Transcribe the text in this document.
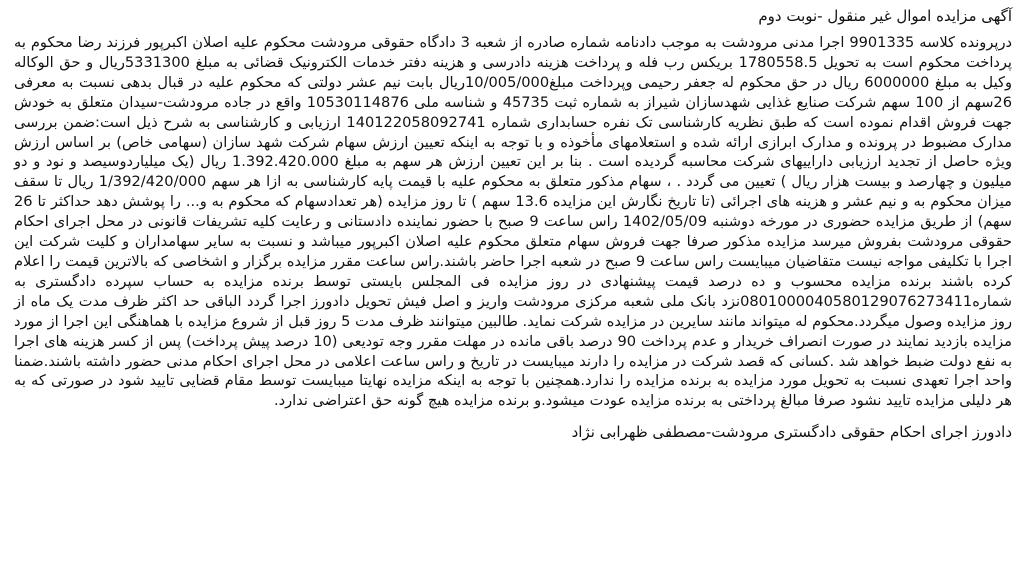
آگهی مزایده اموال غیر منقول -نوبت دوم

درپرونده کلاسه 9901335 اجرا مدنی مرودشت به موجب دادنامه شماره صادره از شعبه 3 دادگاه حقوقی مرودشت محکوم علیه اصلان اکبرپور فرزند رضا محکوم به پرداخت محکوم است به تحویل 1780558.5 بریکس رب فله و پرداخت هزینه دادرسی و هزینه دفتر خدمات الکترونیک قضائی به مبلغ 5331300ریال و حق الوکاله وکیل به مبلغ 6000000 ریال در حق محکوم له جعفر رحیمی وپرداخت مبلغ10/005/000ریال بابت نیم عشر دولتی که محکوم علیه در قبال بدهی نسبت به معرفی 26سهم از 100 سهم شرکت صنایع غذایی شهدسازان شیراز به شماره ثبت 45735 و شناسه ملی 10530114876 واقع در جاده مرودشت-سیدان متعلق به خودش جهت فروش اقدام نموده است که طبق نظریه کارشناسی تک نفره حسابداری شماره 140122058092741 ارزیابی و کارشناسی به شرح ذیل است:ضمن بررسی مدارک مضبوط در پرونده و مدارک ابرازی ارائه شده و استعلامهای مأخوذه و با توجه به اینکه تعیین ارزش سهام شرکت شهد سازان (سهامی خاص) بر اساس ارزش ویژه حاصل از تجدید ارزیابی داراییهای شرکت محاسبه گردیده است . بنا بر این تعیین ارزش هر سهم به مبلغ 1.392.420.000 ریال (یک میلیاردوسیصد و نود و دو میلیون و چهارصد و بیست هزار ریال ) تعیین می گردد . ، سهام مذکور متعلق به محکوم علیه با قیمت پایه کارشناسی به ازا هر سهم 1/392/420/000 ریال تا سقف میزان محکوم به و نیم عشر و هزینه های اجرائی (تا تاریخ نگارش این مزایده 13.6 سهم ) تا روز مزایده (هر تعدادسهام که محکوم به و... را پوشش دهد حداکثر تا 26 سهم) از طریق مزایده حضوری در مورخه دوشنبه 1402/05/09 راس ساعت 9 صبح با حضور نماینده دادستانی و رعایت کلیه تشریفات قانونی در محل اجرای احکام حقوقی مرودشت بفروش میرسد مزایده مذکور صرفا جهت فروش سهام متعلق محکوم علیه اصلان اکبرپور میباشد و نسبت به سایر سهامداران و کلیت شرکت این اجرا با تکلیفی مواجه نیست متقاضیان میبایست راس ساعت 9 صبح در شعبه اجرا حاضر باشند.راس ساعت مقرر مزایده برگزار و اشخاصی که بالاترین قیمت را اعلام کرده باشند برنده مزایده محسوب و ده درصد قیمت پیشنهادی در روز مزایده فی المجلس بایستی توسط برنده مزایده به حساب سپرده دادگستری به شماره0801000040580129076273411نزد بانک ملی شعبه مرکزی مرودشت واریز و اصل فیش تحویل دادورز اجرا گردد الباقی حد اکثر ظرف مدت یک ماه از روز مزایده وصول میگردد.محکوم له میتواند مانند سایرین در مزایده شرکت نماید. طالبین میتوانند ظرف مدت 5 روز قبل از شروع مزایده با هماهنگی این اجرا از مورد مزایده بازدید نمایند در صورت انصراف خریدار و عدم پرداخت 90 درصد باقی مانده در مهلت مقرر وجه تودیعی (10 درصد پیش پرداخت) پس از کسر هزینه های اجرا به نفع دولت ضبط خواهد شد .کسانی که قصد شرکت در مزایده را دارند میبایست در تاریخ و راس ساعت اعلامی در محل اجرای احکام مدنی حضور داشته باشند.ضمنا واحد اجرا تعهدی نسبت به تحویل مورد مزایده به برنده مزایده را ندارد.همچنین با توجه به اینکه مزایده نهایتا میبایست توسط مقام قضایی تایید شود در صورتی که به هر دلیلی مزایده تایید نشود صرفا مبالغ پرداختی به برنده مزایده عودت میشود.و برنده مزایده هیچ گونه حق اعتراضی ندارد.

دادورز اجرای احکام حقوقی دادگستری مرودشت-مصطفی ظهرابی نژاد
